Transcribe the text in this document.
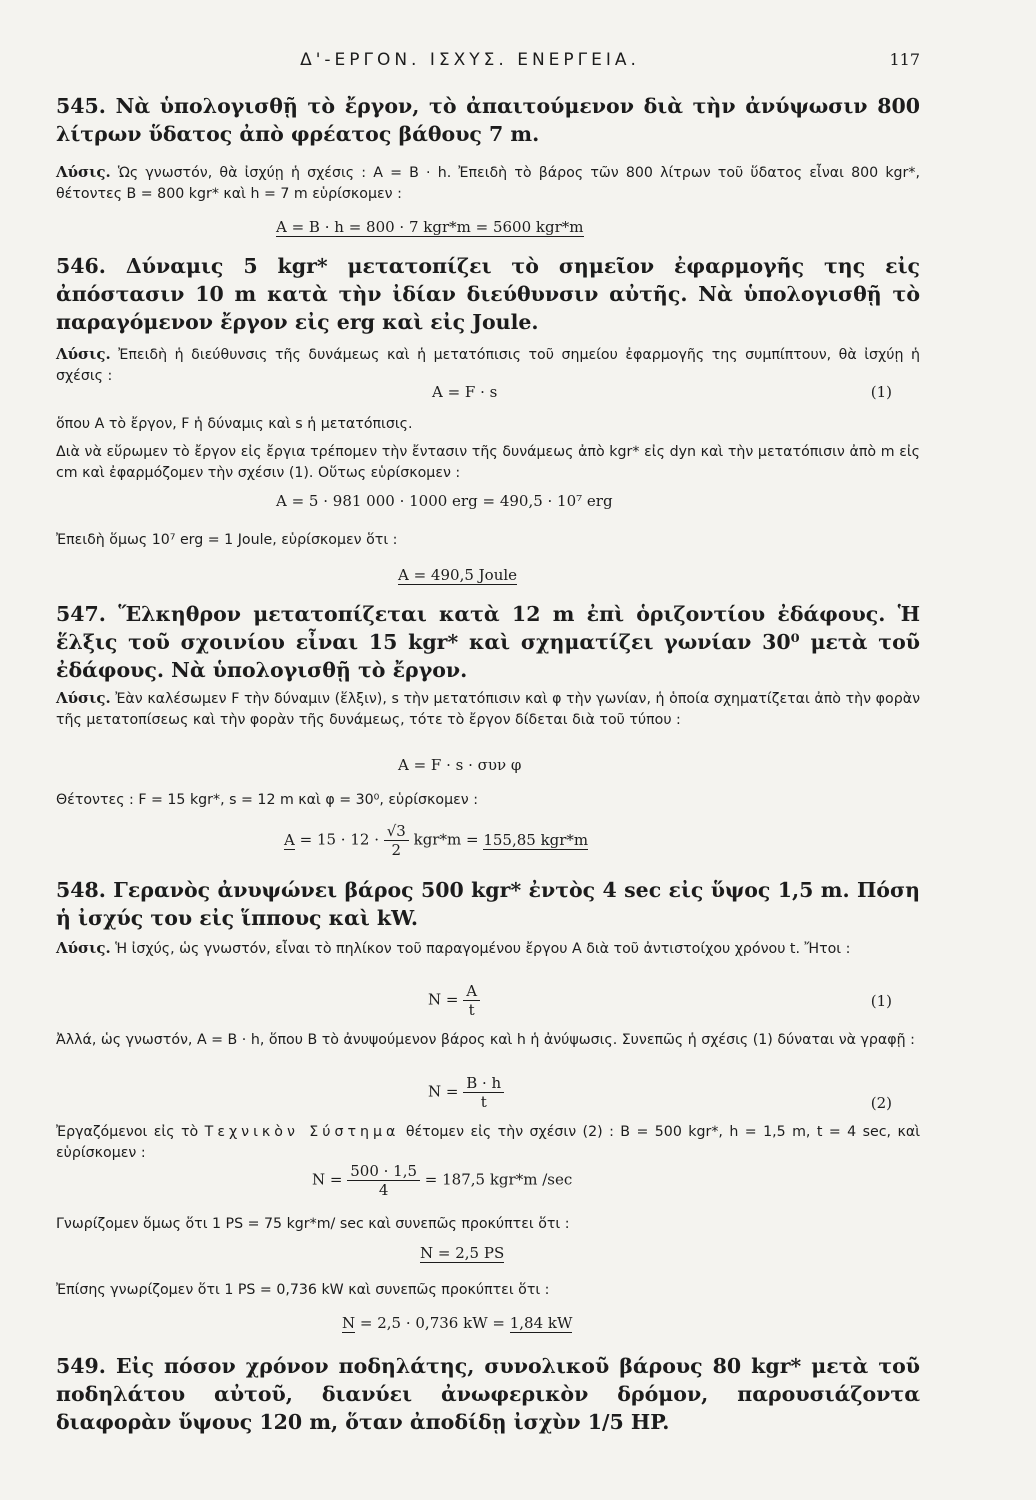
Δ'-ΕΡΓΟΝ. ΙΣΧΥΣ. ΕΝΕΡΓΕΙΑ.	117
545. Νὰ ὑπολογισθῇ τὸ ἔργον, τὸ ἀπαιτούμενον διὰ τὴν ἀνύψωσιν 800 λίτρων ὕδατος ἀπὸ φρέατος βάθους 7 m.
Λύσις. Ὡς γνωστόν, θὰ ἰσχύῃ ἡ σχέσις : A = B · h. Ἐπειδὴ τὸ βάρος τῶν 800 λίτρων τοῦ ὕδατος εἶναι 800 kgr*, θέτοντες B = 800 kgr* καὶ h = 7 m εὑρίσκομεν :
A = B · h = 800 · 7 kgr*m = 5600 kgr*m
546. Δύναμις 5 kgr* μετατοπίζει τὸ σημεῖον ἐφαρμογῆς της εἰς ἀπόστασιν 10 m κατὰ τὴν ἰδίαν διεύθυνσιν αὐτῆς. Νὰ ὑπολογισθῇ τὸ παραγόμενον ἔργον εἰς erg καὶ εἰς Joule.
Λύσις. Ἐπειδὴ ἡ διεύθυνσις τῆς δυνάμεως καὶ ἡ μετατόπισις τοῦ σημείου ἐφαρμογῆς της συμπίπτουν, θὰ ἰσχύῃ ἡ σχέσις :
A = F · s	(1)
ὅπου A τὸ ἔργον, F ἡ δύναμις καὶ s ἡ μετατόπισις.
Διὰ νὰ εὕρωμεν τὸ ἔργον εἰς ἔργια τρέπομεν τὴν ἔντασιν τῆς δυνάμεως ἀπὸ kgr* εἰς dyn καὶ τὴν μετατόπισιν ἀπὸ m εἰς cm καὶ ἐφαρμόζομεν τὴν σχέσιν (1). Οὕτως εὑρίσκομεν :
A = 5 · 981 000 · 1000 erg = 490,5 · 10⁷ erg
Ἐπειδὴ ὅμως 10⁷ erg = 1 Joule, εὑρίσκομεν ὅτι :
A = 490,5 Joule
547. Ἕλκηθρον μετατοπίζεται κατὰ 12 m ἐπὶ ὁριζοντίου ἐδάφους. Ἡ ἕλξις τοῦ σχοινίου εἶναι 15 kgr* καὶ σχηματίζει γωνίαν 30⁰ μετὰ τοῦ ἐδάφους. Νὰ ὑπολογισθῇ τὸ ἔργον.
Λύσις. Ἐὰν καλέσωμεν F τὴν δύναμιν (ἕλξιν), s τὴν μετατόπισιν καὶ φ τὴν γωνίαν, ἡ ὁποία σχηματίζεται ἀπὸ τὴν φορὰν τῆς μετατοπίσεως καὶ τὴν φορὰν τῆς δυνάμεως, τότε τὸ ἔργον δίδεται διὰ τοῦ τύπου :
A = F · s · συν φ
Θέτοντες : F = 15 kgr*, s = 12 m καὶ φ = 30⁰, εὑρίσκομεν :
$A = 15 \cdot 12 \cdot \frac{√3}{2} kgr*m = 155,85$ kgr*m
548. Γερανὸς ἀνυψώνει βάρος 500 kgr* ἐντὸς 4 sec εἰς ὕψος 1,5 m. Πόση ἡ ἰσχύς του εἰς ἵππους καὶ kW.
Λύσις. Ἡ ἰσχύς, ὡς γνωστόν, εἶναι τὸ πηλίκον τοῦ παραγομένου ἔργου A διὰ τοῦ ἀντιστοίχου χρόνου t. Ἤτοι :
$N = \frac{A}{t}$	(1)
Ἀλλά, ὡς γνωστόν, A = B · h, ὅπου B τὸ ἀνυψούμενον βάρος καὶ h ἡ ἀνύψωσις. Συνεπῶς ἡ σχέσις (1) δύναται νὰ γραφῇ :
$N = \frac{B \cdot h}{t}$	(2)
Ἐργαζόμενοι εἰς τὸ Τεχνικὸν Σύστημα θέτομεν εἰς τὴν σχέσιν (2) : B = 500 kgr*, h = 1,5 m, t = 4 sec, καὶ εὑρίσκομεν :
$N = \frac{500 \cdot 1,5}{4} = 187,5$ kgr*m /sec
Γνωρίζομεν ὅμως ὅτι 1 PS = 75 kgr*m/ sec καὶ συνεπῶς προκύπτει ὅτι :
N = 2,5 PS
Ἐπίσης γνωρίζομεν ὅτι 1 PS = 0,736 kW καὶ συνεπῶς προκύπτει ὅτι :
N = 2,5 · 0,736 kW = 1,84 kW
549. Εἰς πόσον χρόνον ποδηλάτης, συνολικοῦ βάρους 80 kgr* μετὰ τοῦ ποδηλάτου αὐτοῦ, διανύει ἀνωφερικὸν δρόμον, παρουσιάζοντα διαφορὰν ὕψους 120 m, ὅταν ἀποδίδῃ ἰσχὺν 1/5 HP.
